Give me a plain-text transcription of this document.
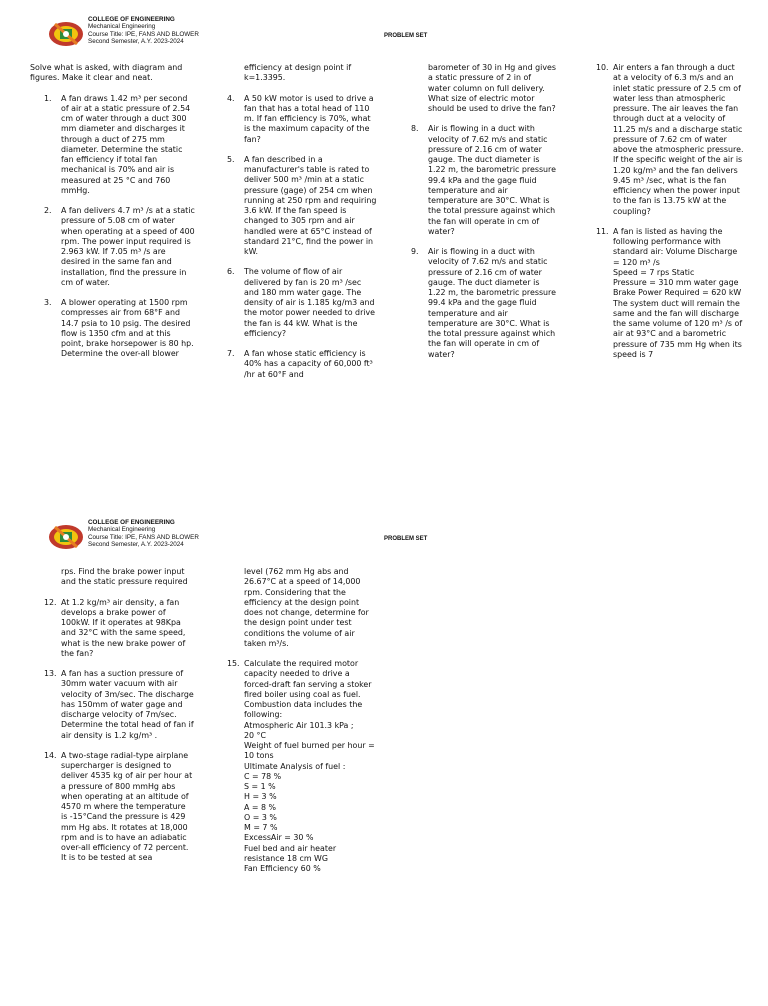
COLLEGE OF ENGINEERING
Mechanical Engineering
Course Title: IPE, FANS AND BLOWER
Second Semester, A.Y. 2023-2024
PROBLEM SET

Solve what is asked, with diagram and figures. Make it clear and neat.

1. A fan draws 1.42 m³ per second of air at a static pressure of 2.54 cm of water through a duct 300 mm diameter and discharges it through a duct of 275 mm diameter. Determine the static fan efficiency if total fan mechanical is 70% and air is measured at 25 °C and 760 mmHg.

2. A fan delivers 4.7 m³ /s at a static pressure of 5.08 cm of water when operating at a speed of 400 rpm. The power input required is 2.963 kW. If 7.05 m³ /s are desired in the same fan and installation, find the pressure in cm of water.

3. A blower operating at 1500 rpm compresses air from 68°F and 14.7 psia to 10 psig. The desired flow is 1350 cfm and at this point, brake horsepower is 80 hp. Determine the over-all blower

efficiency at design point if k=1.3395.

4. A 50 kW motor is used to drive a fan that has a total head of 110 m. If fan efficiency is 70%, what is the maximum capacity of the fan?

5. A fan described in a manufacturer's table is rated to deliver 500 m³ /min at a static pressure (gage) of 254 cm when running at 250 rpm and requiring 3.6 kW. If the fan speed is changed to 305 rpm and air handled were at 65°C instead of standard 21°C, find the power in kW.

6. The volume of flow of air delivered by fan is 20 m³ /sec and 180 mm water gage. The density of air is 1.185 kg/m3 and the motor power needed to drive the fan is 44 kW. What is the efficiency?

7. A fan whose static efficiency is 40% has a capacity of 60,000 ft³ /hr at 60°F and

barometer of 30 in Hg and gives a static pressure of 2 in of water column on full delivery. What size of electric motor should be used to drive the fan?

8. Air is flowing in a duct with velocity of 7.62 m/s and static pressure of 2.16 cm of water gauge. The duct diameter is 1.22 m, the barometric pressure 99.4 kPa and the gage fluid temperature and air temperature are 30°C. What is the total pressure against which the fan will operate in cm of water?

9. Air is flowing in a duct with velocity of 7.62 m/s and static pressure of 2.16 cm of water gauge. The duct diameter is 1.22 m, the barometric pressure 99.4 kPa and the gage fluid temperature and air temperature are 30°C. What is the total pressure against which the fan will operate in cm of water?

10. Air enters a fan through a duct at a velocity of 6.3 m/s and an inlet static pressure of 2.5 cm of water less than atmospheric pressure. The air leaves the fan through duct at a velocity of 11.25 m/s and a discharge static pressure of 7.62 cm of water above the atmospheric pressure. If the specific weight of the air is 1.20 kg/m³ and the fan delivers 9.45 m³ /sec, what is the fan efficiency when the power input to the fan is 13.75 kW at the coupling?

11. A fan is listed as having the following performance with standard air: Volume Discharge = 120 m³ /s
Speed = 7 rps Static
Pressure = 310 mm water gage
Brake Power Required = 620 kW
The system duct will remain the same and the fan will discharge the same volume of 120 m³ /s of air at 93°C and a barometric pressure of 735 mm Hg when its speed is 7

COLLEGE OF ENGINEERING
Mechanical Engineering
Course Title: IPE, FANS AND BLOWER
Second Semester, A.Y. 2023-2024
PROBLEM SET

rps. Find the brake power input and the static pressure required

12. At 1.2 kg/m³ air density, a fan develops a brake power of 100kW. If it operates at 98Kpa and 32°C with the same speed, what is the new brake power of the fan?

13. A fan has a suction pressure of 30mm water vacuum with air velocity of 3m/sec. The discharge has 150mm of water gage and discharge velocity of 7m/sec. Determine the total head of fan if air density is 1.2 kg/m³ .

14. A two-stage radial-type airplane supercharger is designed to deliver 4535 kg of air per hour at a pressure of 800 mmHg abs when operating at an altitude of 4570 m where the temperature is -15°Cand the pressure is 429 mm Hg abs. It rotates at 18,000 rpm and is to have an adiabatic over-all efficiency of 72 percent. It is to be tested at sea

level (762 mm Hg abs and 26.67°C at a speed of 14,000 rpm. Considering that the efficiency at the design point does not change, determine for the design point under test conditions the volume of air taken m³/s.

15. Calculate the required motor capacity needed to drive a forced-draft fan serving a stoker fired boiler using coal as fuel. Combustion data includes the following:
Atmospheric Air 101.3 kPa ;
20 °C
Weight of fuel burned per hour = 10 tons
Ultimate Analysis of fuel :
C = 78 %
S = 1 %
H = 3 %
A = 8 %
O = 3 %
M = 7 %
ExcessAir = 30 %
Fuel bed and air heater resistance 18 cm WG
Fan Efficiency 60 %
